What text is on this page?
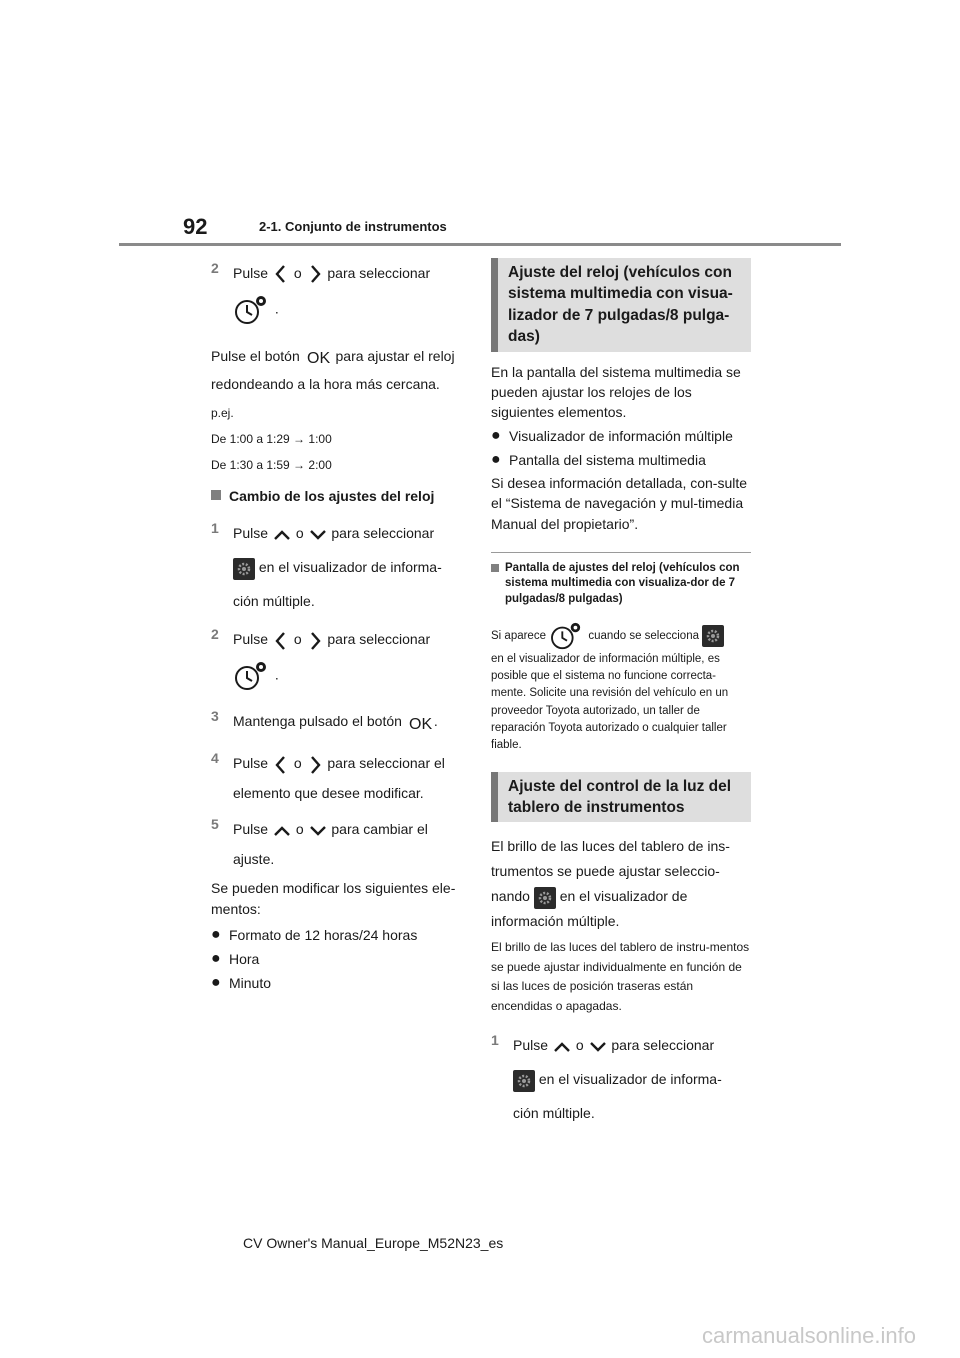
92	2-1. Conjunto de instrumentos
2	Pulse o para seleccionar

.

Pulse el botón OK para ajustar el reloj

redondeando a la hora más cercana.

p.ej.

De 1:00 a 1:29 → 1:00

De 1:30 a 1:59 → 2:00

Cambio de los ajustes del reloj
1	Pulse o para seleccionar

en el visualizador de informa-

ción múltiple.

2	Pulse o para seleccionar

.

3	Mantenga pulsado el botón OK .

4	Pulse o para seleccionar el

elemento que desee modificar.

5	Pulse o para cambiar el

ajuste.

Se pueden modificar los siguientes ele-mentos:

● Formato de 12 horas/24 horas
● Hora
● Minuto
Ajuste del reloj (vehículos con sistema multimedia con visua-lizador de 7 pulgadas/8 pulga-das)

En la pantalla del sistema multimedia se pueden ajustar los relojes de los siguientes elementos.

● Visualizador de información múltiple
● Pantalla del sistema multimedia

Si desea información detallada, con-sulte el “Sistema de navegación y mul-timedia Manual del propietario”.

Pantalla de ajustes del reloj (vehículos con sistema multimedia con visualiza-dor de 7 pulgadas/8 pulgadas)

Si aparece	cuando se selecciona

en el visualizador de información múltiple, es posible que el sistema no funcione correcta-mente. Solicite una revisión del vehículo en un proveedor Toyota autorizado, un taller de reparación Toyota autorizado o cualquier taller fiable.

Ajuste del control de la luz del tablero de instrumentos

El brillo de las luces del tablero de ins-trumentos se puede ajustar seleccio-nando en el visualizador de información múltiple.

El brillo de las luces del tablero de instru-mentos se puede ajustar individualmente en función de si las luces de posición traseras están encendidas o apagadas.

1	Pulse o para seleccionar

en el visualizador de informa-

ción múltiple.

CV Owner's Manual_Europe_M52N23_es
carmanualsonline.info
